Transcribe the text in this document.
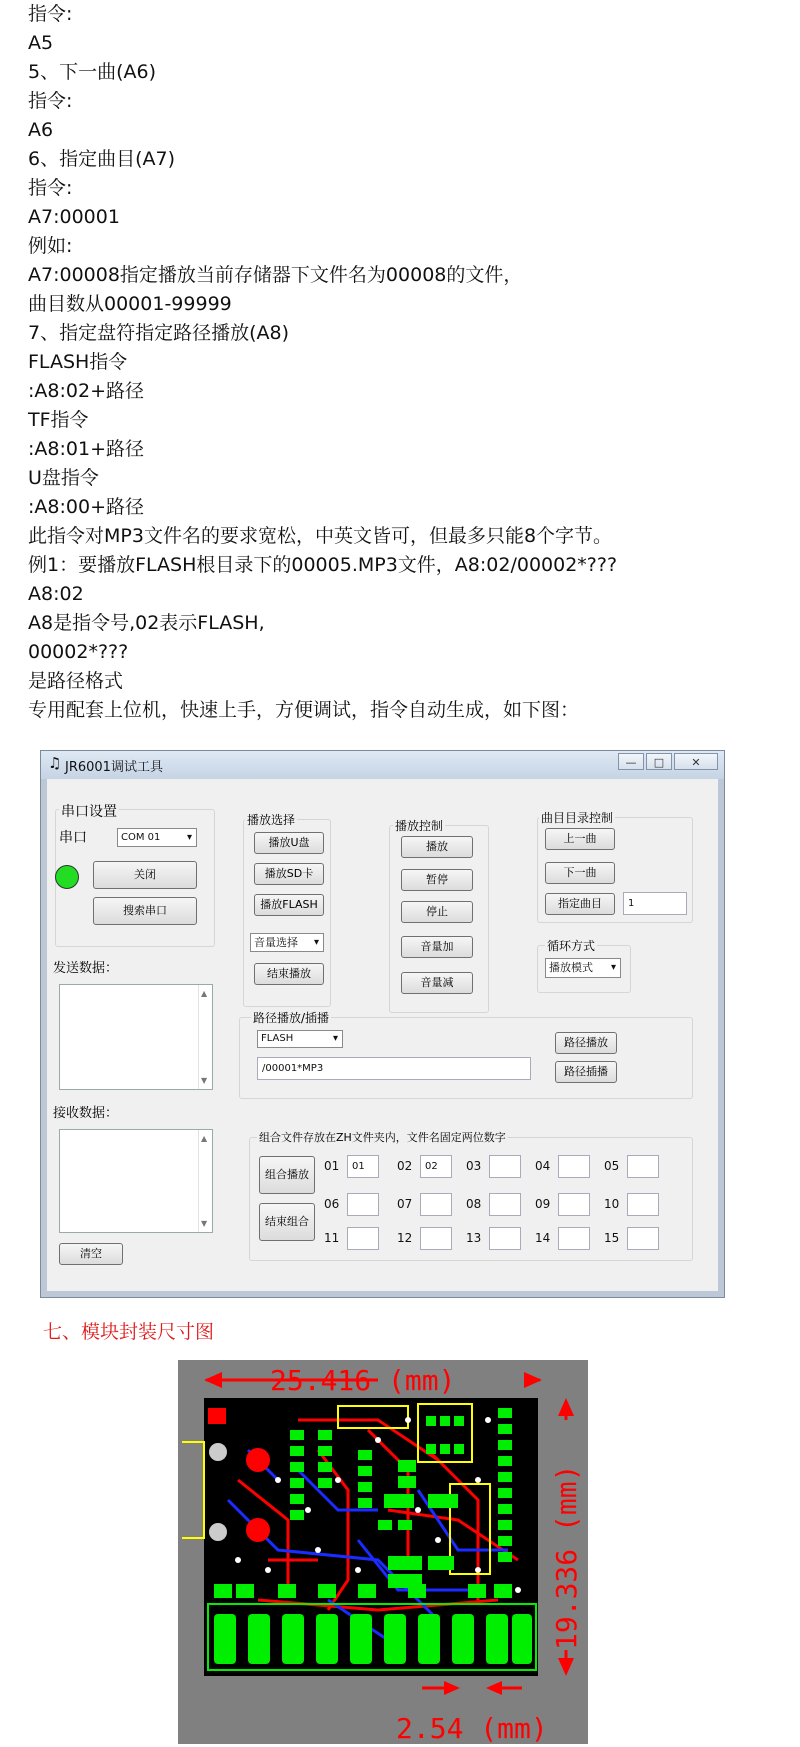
指令:
A5
5、下一曲(A6)
指令:
A6
6、指定曲目(A7)
指令:
A7:00001
例如:
A7:00008指定播放当前存储器下文件名为00008的文件，
曲目数从00001-99999
7、指定盘符指定路径播放(A8)
FLASH指令
:A8:02+路径
TF指令
:A8:01+路径
U盘指令
:A8:00+路径
此指令对MP3文件名的要求宽松，中英文皆可，但最多只能8个字节。
例1：要播放FLASH根目录下的00005.MP3文件，A8:02/00002*???
A8:02
A8是指令号,02表示FLASH,
00002*???
是路径格式
专用配套上位机，快速上手，方便调试，指令自动生成，如下图：
♫ JR6001调试工具	—	□	✕
串口设置
串口	COM 01 ▾
关闭
搜索串口
发送数据：
▲
▼
接收数据：
▲
▼
清空
播放选择
播放U盘
播放SD卡
播放FLASH
音量选择 ▾
结束播放
播放控制
播放
暂停
停止
音量加
音量减
曲目目录控制
上一曲
下一曲
指定曲目	1
循环方式
播放模式 ▾
路径播放/插播
FLASH ▾
/00001*MP3
路径播放
路径插播
组合文件存放在ZH文件夹内，文件名固定两位数字
组合播放
结束组合
01	01	02	02	03	04	05
06	07	08	09	10
11	12	13	14	15
七、模块封装尺寸图
25.416 (mm)
19.336 (mm)
2.54 (mm)
